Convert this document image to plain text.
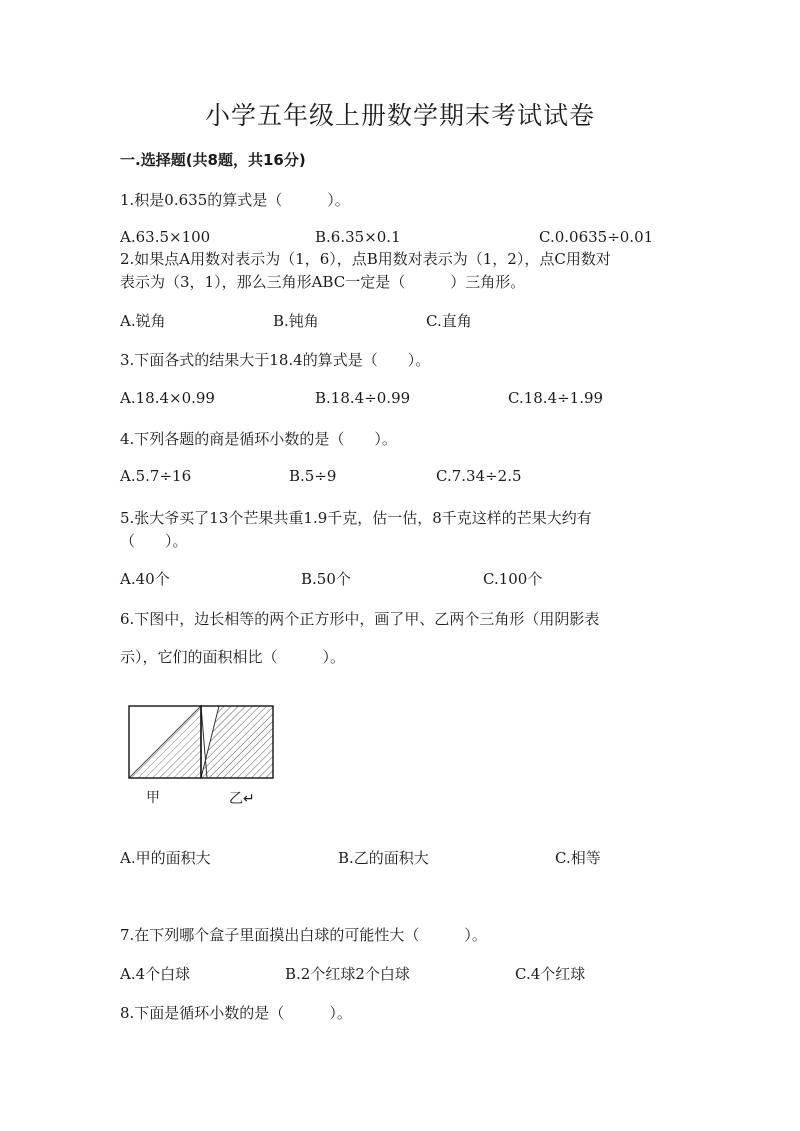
小学五年级上册数学期末考试试卷
一.选择题(共8题，共16分)
1.积是0.635的算式是（　　　）。
A.63.5×100	B.6.35×0.1	C.0.0635÷0.01
2.如果点A用数对表示为（1，6），点B用数对表示为（1，2），点C用数对
表示为（3，1），那么三角形ABC一定是（　　　）三角形。
A.锐角	B.钝角	C.直角
3.下面各式的结果大于18.4的算式是（　　）。
A.18.4×0.99	B.18.4÷0.99	C.18.4÷1.99
4.下列各题的商是循环小数的是（　　）。
A.5.7÷16	B.5÷9	C.7.34÷2.5
5.张大爷买了13个芒果共重1.9千克，估一估，8千克这样的芒果大约有
（　　）。
A.40个	B.50个	C.100个
6.下图中，边长相等的两个正方形中，画了甲、乙两个三角形（用阴影表
示），它们的面积相比（　　　）。
甲	乙↵
A.甲的面积大	B.乙的面积大	C.相等
7.在下列哪个盒子里面摸出白球的可能性大（　　　）。
A.4个白球	B.2个红球2个白球	C.4个红球
8.下面是循环小数的是（　　　）。
